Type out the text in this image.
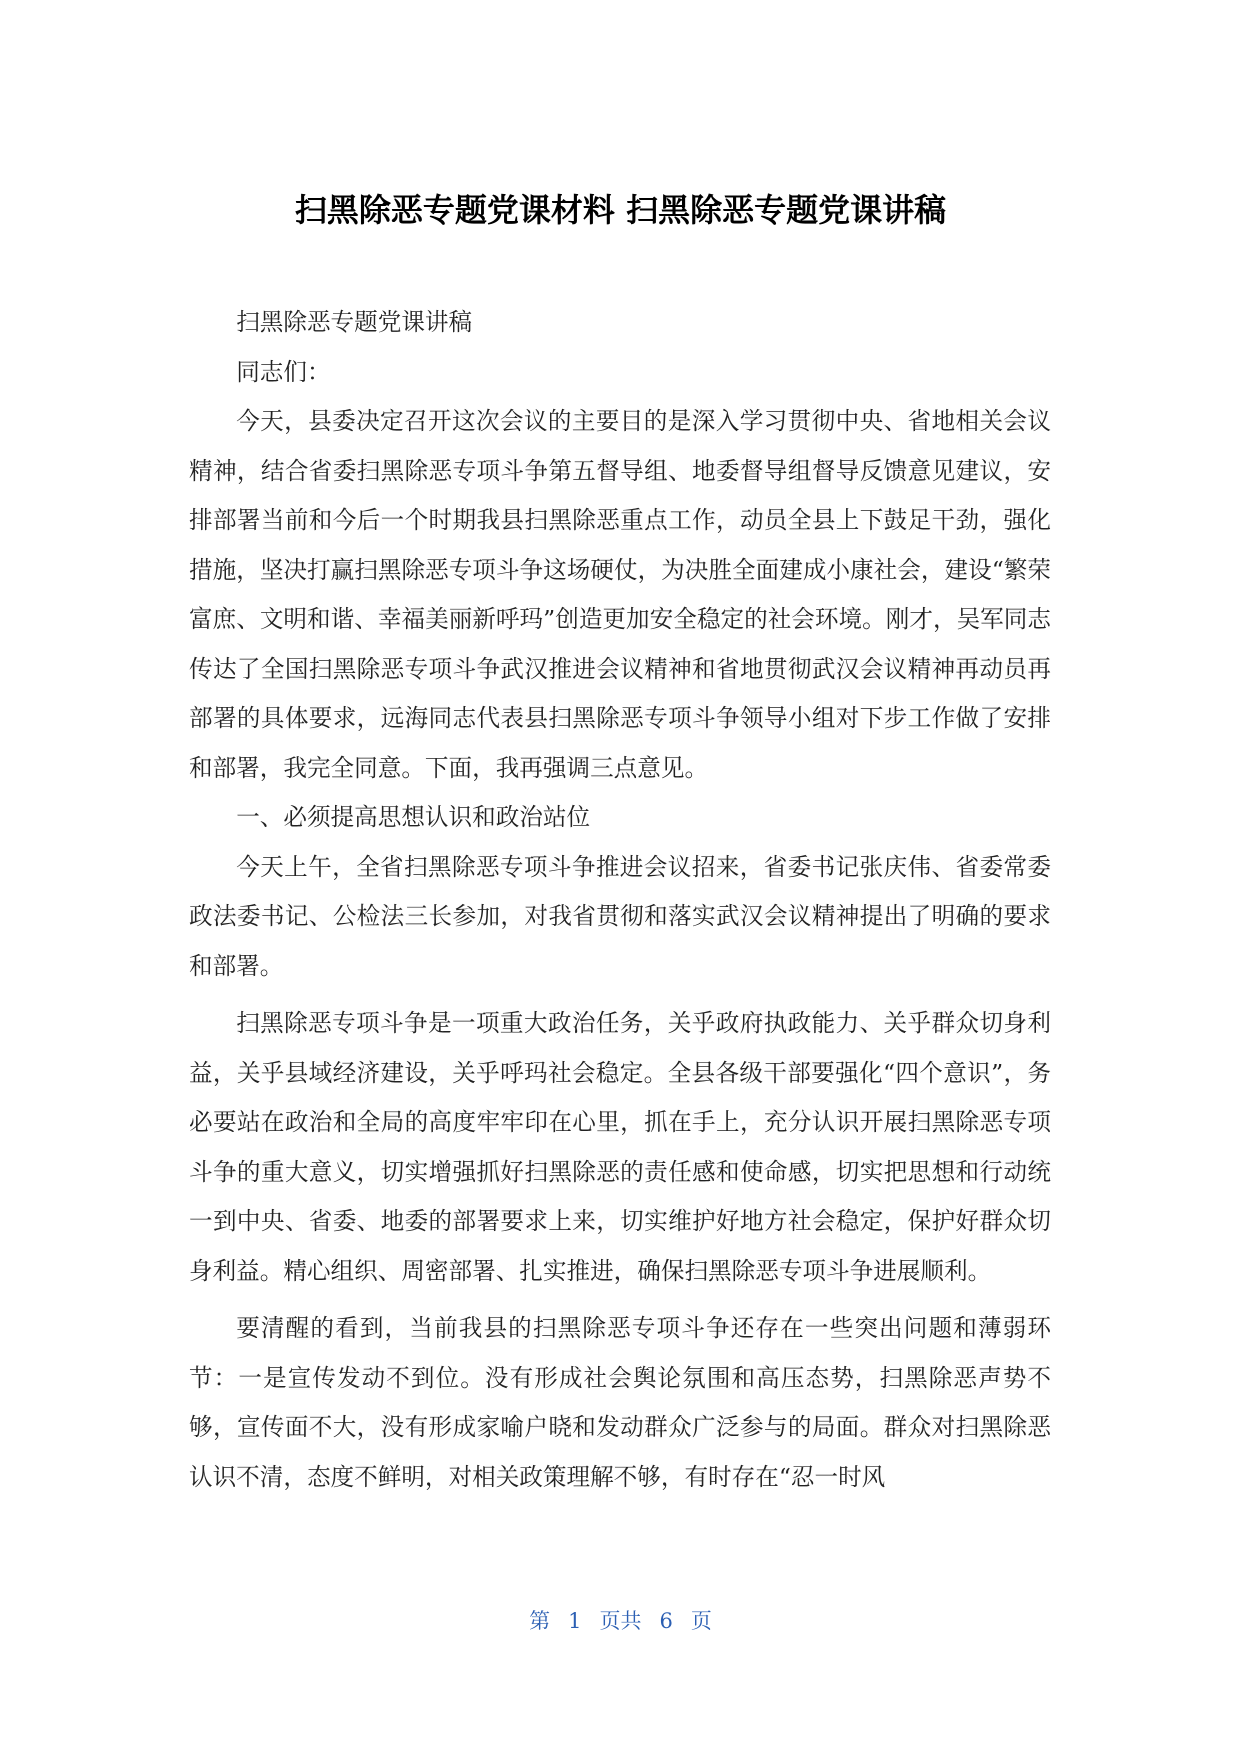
扫黑除恶专题党课材料 扫黑除恶专题党课讲稿

扫黑除恶专题党课讲稿

同志们：

今天，县委决定召开这次会议的主要目的是深入学习贯彻中央、省地相关会议精神，结合省委扫黑除恶专项斗争第五督导组、地委督导组督导反馈意见建议，安排部署当前和今后一个时期我县扫黑除恶重点工作，动员全县上下鼓足干劲，强化措施，坚决打赢扫黑除恶专项斗争这场硬仗，为决胜全面建成小康社会，建设“繁荣富庶、文明和谐、幸福美丽新呼玛”创造更加安全稳定的社会环境。刚才，吴军同志传达了全国扫黑除恶专项斗争武汉推进会议精神和省地贯彻武汉会议精神再动员再部署的具体要求，远海同志代表县扫黑除恶专项斗争领导小组对下步工作做了安排和部署，我完全同意。下面，我再强调三点意见。

一、必须提高思想认识和政治站位

今天上午，全省扫黑除恶专项斗争推进会议招来，省委书记张庆伟、省委常委政法委书记、公检法三长参加，对我省贯彻和落实武汉会议精神提出了明确的要求和部署。

扫黑除恶专项斗争是一项重大政治任务，关乎政府执政能力、关乎群众切身利益，关乎县域经济建设，关乎呼玛社会稳定。全县各级干部要强化“四个意识”，务必要站在政治和全局的高度牢牢印在心里，抓在手上，充分认识开展扫黑除恶专项斗争的重大意义，切实增强抓好扫黑除恶的责任感和使命感，切实把思想和行动统一到中央、省委、地委的部署要求上来，切实维护好地方社会稳定，保护好群众切身利益。精心组织、周密部署、扎实推进，确保扫黑除恶专项斗争进展顺利。

要清醒的看到，当前我县的扫黑除恶专项斗争还存在一些突出问题和薄弱环节：一是宣传发动不到位。没有形成社会舆论氛围和高压态势，扫黑除恶声势不够，宣传面不大，没有形成家喻户晓和发动群众广泛参与的局面。群众对扫黑除恶认识不清，态度不鲜明，对相关政策理解不够，有时存在“忍一时风

第 1 页共 6 页
